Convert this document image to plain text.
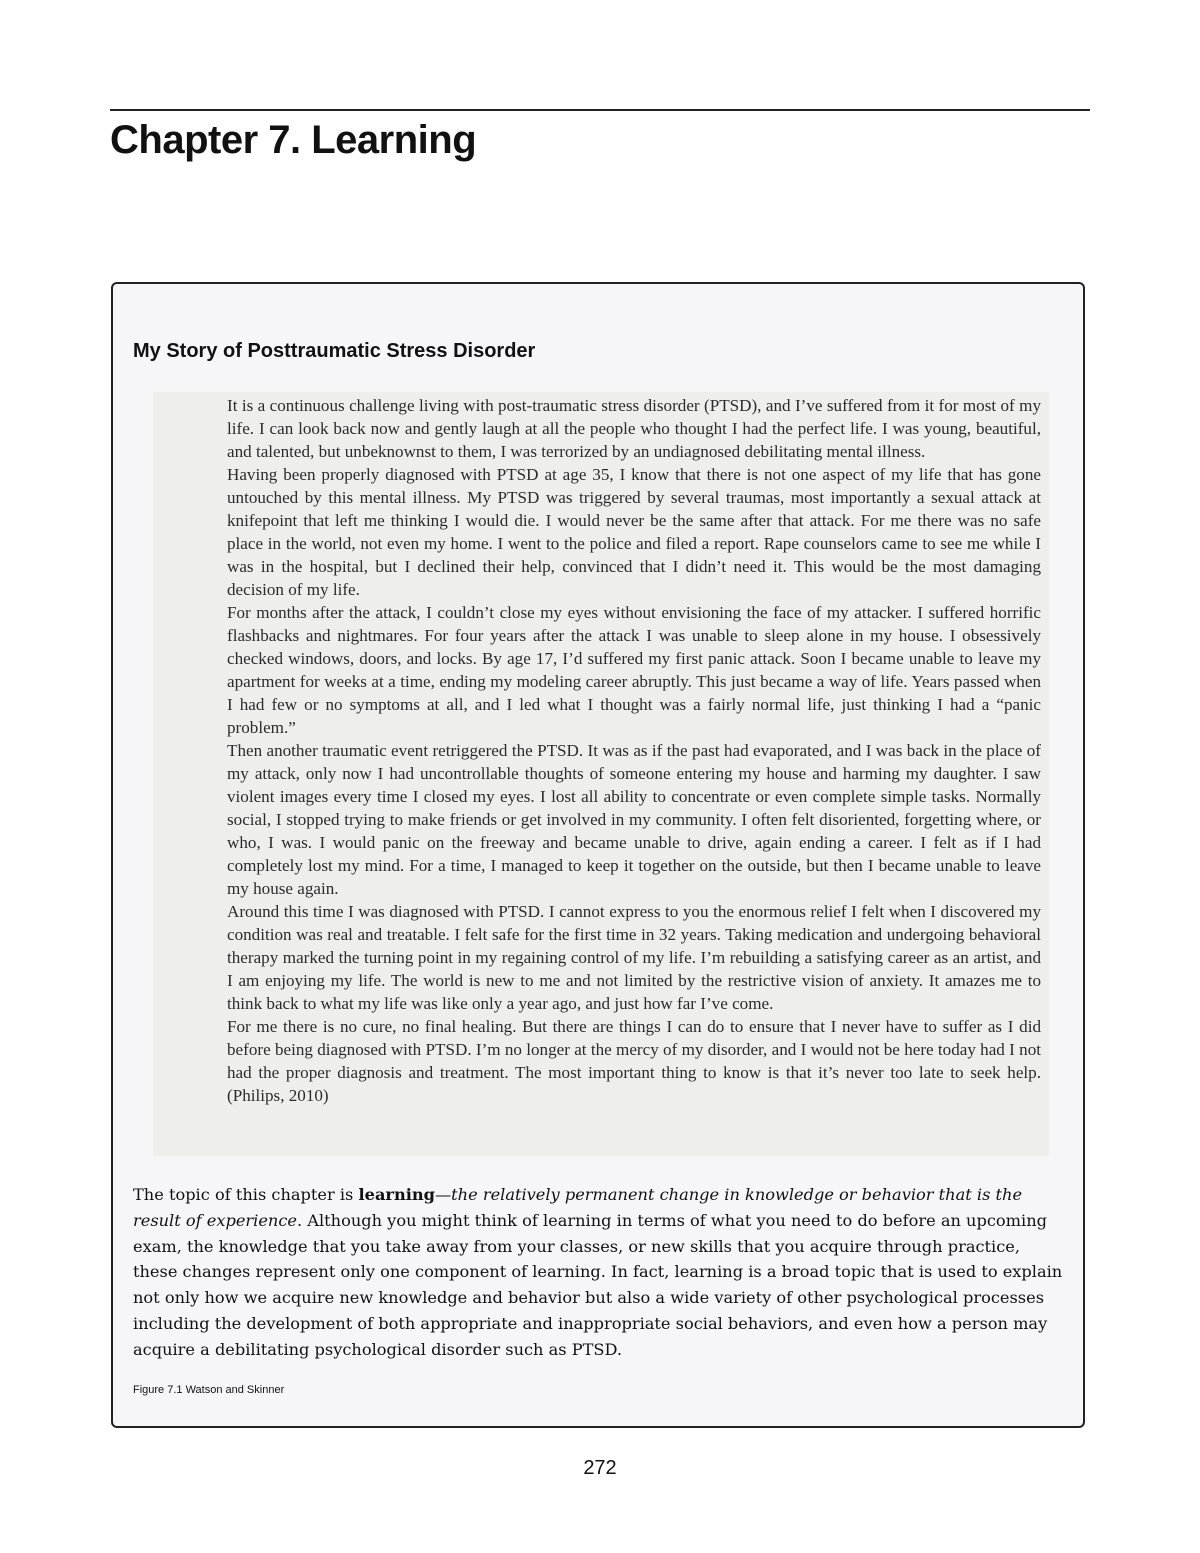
Chapter 7. Learning
My Story of Posttraumatic Stress Disorder

It is a continuous challenge living with post-traumatic stress disorder (PTSD), and I’ve suffered from it for most of my life. I can look back now and gently laugh at all the people who thought I had the perfect life. I was young, beautiful, and talented, but unbeknownst to them, I was terrorized by an undiagnosed debilitating mental illness.

Having been properly diagnosed with PTSD at age 35, I know that there is not one aspect of my life that has gone untouched by this mental illness. My PTSD was triggered by several traumas, most importantly a sexual attack at knifepoint that left me thinking I would die. I would never be the same after that attack. For me there was no safe place in the world, not even my home. I went to the police and filed a report. Rape counselors came to see me while I was in the hospital, but I declined their help, convinced that I didn’t need it. This would be the most damaging decision of my life.

For months after the attack, I couldn’t close my eyes without envisioning the face of my attacker. I suffered horrific flashbacks and nightmares. For four years after the attack I was unable to sleep alone in my house. I obsessively checked windows, doors, and locks. By age 17, I’d suffered my first panic attack. Soon I became unable to leave my apartment for weeks at a time, ending my modeling career abruptly. This just became a way of life. Years passed when I had few or no symptoms at all, and I led what I thought was a fairly normal life, just thinking I had a “panic problem.”

Then another traumatic event retriggered the PTSD. It was as if the past had evaporated, and I was back in the place of my attack, only now I had uncontrollable thoughts of someone entering my house and harming my daughter. I saw violent images every time I closed my eyes. I lost all ability to concentrate or even complete simple tasks. Normally social, I stopped trying to make friends or get involved in my community. I often felt disoriented, forgetting where, or who, I was. I would panic on the freeway and became unable to drive, again ending a career. I felt as if I had completely lost my mind. For a time, I managed to keep it together on the outside, but then I became unable to leave my house again.

Around this time I was diagnosed with PTSD. I cannot express to you the enormous relief I felt when I discovered my condition was real and treatable. I felt safe for the first time in 32 years. Taking medication and undergoing behavioral therapy marked the turning point in my regaining control of my life. I’m rebuilding a satisfying career as an artist, and I am enjoying my life. The world is new to me and not limited by the restrictive vision of anxiety. It amazes me to think back to what my life was like only a year ago, and just how far I’ve come.

For me there is no cure, no final healing. But there are things I can do to ensure that I never have to suffer as I did before being diagnosed with PTSD. I’m no longer at the mercy of my disorder, and I would not be here today had I not had the proper diagnosis and treatment. The most important thing to know is that it’s never too late to seek help. (Philips, 2010)

The topic of this chapter is learning—the relatively permanent change in knowledge or behavior that is the result of experience. Although you might think of learning in terms of what you need to do before an upcoming exam, the knowledge that you take away from your classes, or new skills that you acquire through practice, these changes represent only one component of learning. In fact, learning is a broad topic that is used to explain not only how we acquire new knowledge and behavior but also a wide variety of other psychological processes including the development of both appropriate and inappropriate social behaviors, and even how a person may acquire a debilitating psychological disorder such as PTSD.

Figure 7.1 Watson and Skinner

272
